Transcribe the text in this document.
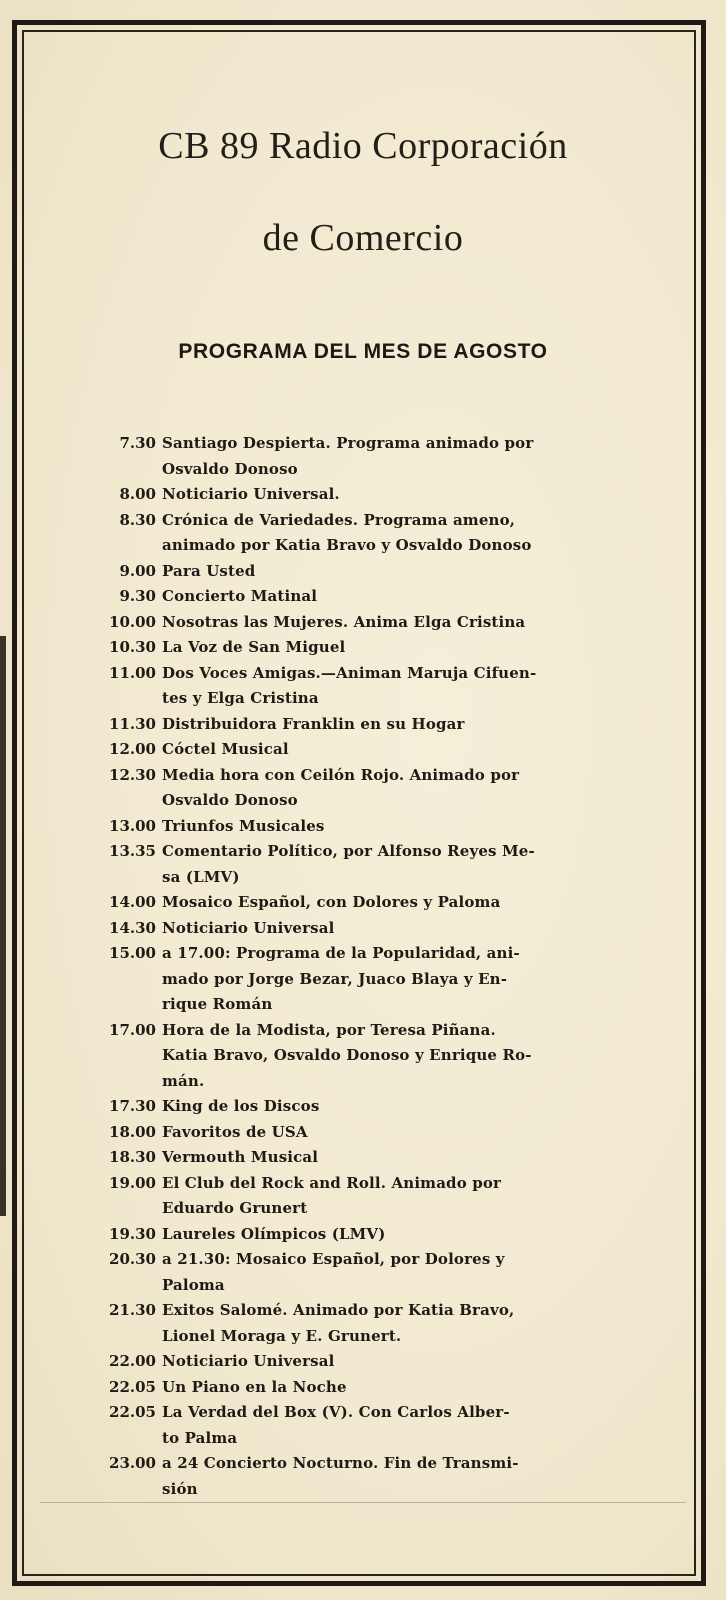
CB 89 Radio Corporación
de Comercio
PROGRAMA DEL MES DE AGOSTO
7.30 Santiago Despierta. Programa animado por
Osvaldo Donoso
8.00 Noticiario Universal.
8.30 Crónica de Variedades. Programa ameno,
animado por Katia Bravo y Osvaldo Donoso
9.00 Para Usted
9.30 Concierto Matinal
10.00 Nosotras las Mujeres. Anima Elga Cristina
10.30 La Voz de San Miguel
11.00 Dos Voces Amigas.—Animan Maruja Cifuen-
tes y Elga Cristina
11.30 Distribuidora Franklin en su Hogar
12.00 Cóctel Musical
12.30 Media hora con Ceilón Rojo. Animado por
Osvaldo Donoso
13.00 Triunfos Musicales
13.35 Comentario Político, por Alfonso Reyes Me-
sa (LMV)
14.00 Mosaico Español, con Dolores y Paloma
14.30 Noticiario Universal
15.00 a 17.00: Programa de la Popularidad, ani-
mado por Jorge Bezar, Juaco Blaya y En-
rique Román
17.00 Hora de la Modista, por Teresa Piñana.
Katia Bravo, Osvaldo Donoso y Enrique Ro-
mán.
17.30 King de los Discos
18.00 Favoritos de USA
18.30 Vermouth Musical
19.00 El Club del Rock and Roll. Animado por
Eduardo Grunert
19.30 Laureles Olímpicos (LMV)
20.30 a 21.30: Mosaico Español, por Dolores y
Paloma
21.30 Exitos Salomé. Animado por Katia Bravo,
Lionel Moraga y E. Grunert.
22.00 Noticiario Universal
22.05 Un Piano en la Noche
22.05 La Verdad del Box (V). Con Carlos Alber-
to Palma
23.00 a 24 Concierto Nocturno. Fin de Transmi-
sión
